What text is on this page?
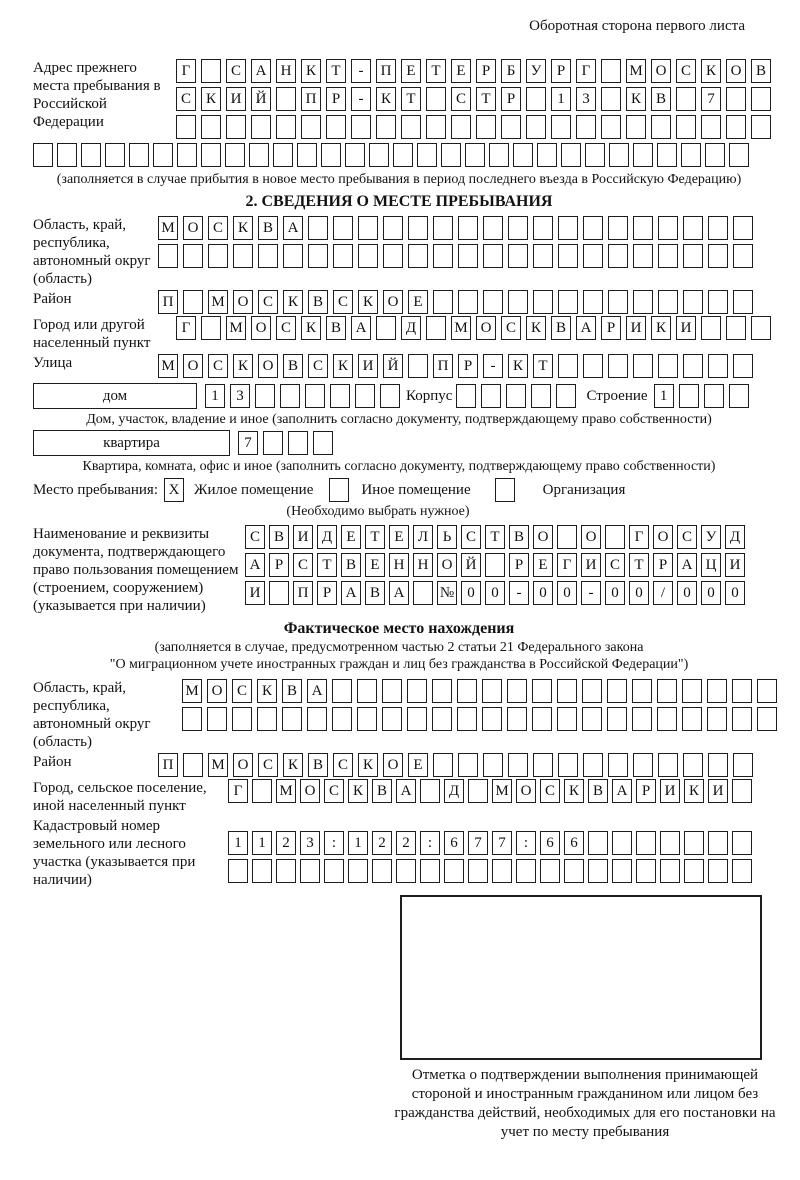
Оборотная сторона первого листа
Адрес прежнего места пребывания в Российской Федерации
Г	С А Н К	Т	-	П Е	Т	Е	Р	Б	У	Р	Г	М О С К О В
С К И Й	П	Р	-	К	Т	С	Т	Р	1	3	К В	7
(заполняется в случае прибытия в новое место пребывания в период последнего въезда в Российскую Федерацию)
2. СВЕДЕНИЯ О МЕСТЕ ПРЕБЫВАНИЯ
Область, край, республика, автономный округ (область)
М О С К В А
Район	П	М О С К В С К О Е
Город или другой населенный пункт
Г	М О С К В А	Д	М О С К В А	Р	И К И
Улица	М О С К О В С К И Й	П	Р	-	К	Т
дом	1	3	Корпус	Строение 1
Дом, участок, владение и иное (заполнить согласно документу, подтверждающему право собственности)
квартира	7
Квартира, комната, офис и иное (заполнить согласно документу, подтверждающему право собственности)
Место пребывания: X Жилое помещение	Иное помещение	Организация
(Необходимо выбрать нужное)
Наименование и реквизиты документа, подтверждающего право пользования помещением (строением, сооружением) (указывается при наличии)
С В И Д Е Т Е Л Ь С Т В О	О	Г О С У Д
А Р С Т В Е Н Н О Й	Р	Е	Г И С Т	Р А Ц И
И	П Р А В А	№ 0	0	-	0	0	-	0	0	/	0	0	0
Фактическое место нахождения
(заполняется в случае, предусмотренном частью 2 статьи 21 Федерального закона
"О миграционном учете иностранных граждан и лиц без гражданства в Российской Федерации")
Область, край, республика, автономный округ (область)
М О С К В А
Район	П	М О С К В С К О Е
Город, сельское поселение, иной населенный пункт
Г	М О С К В А	Д	М О С К В А Р И К И
Кадастровый номер земельного или лесного участка (указывается при наличии)
1	1	2	3	:	1	2	2	:	6	7	7	:	6	6
Отметка о подтверждении выполнения принимающей стороной и иностранным гражданином или лицом без гражданства действий, необходимых для его постановки на учет по месту пребывания
